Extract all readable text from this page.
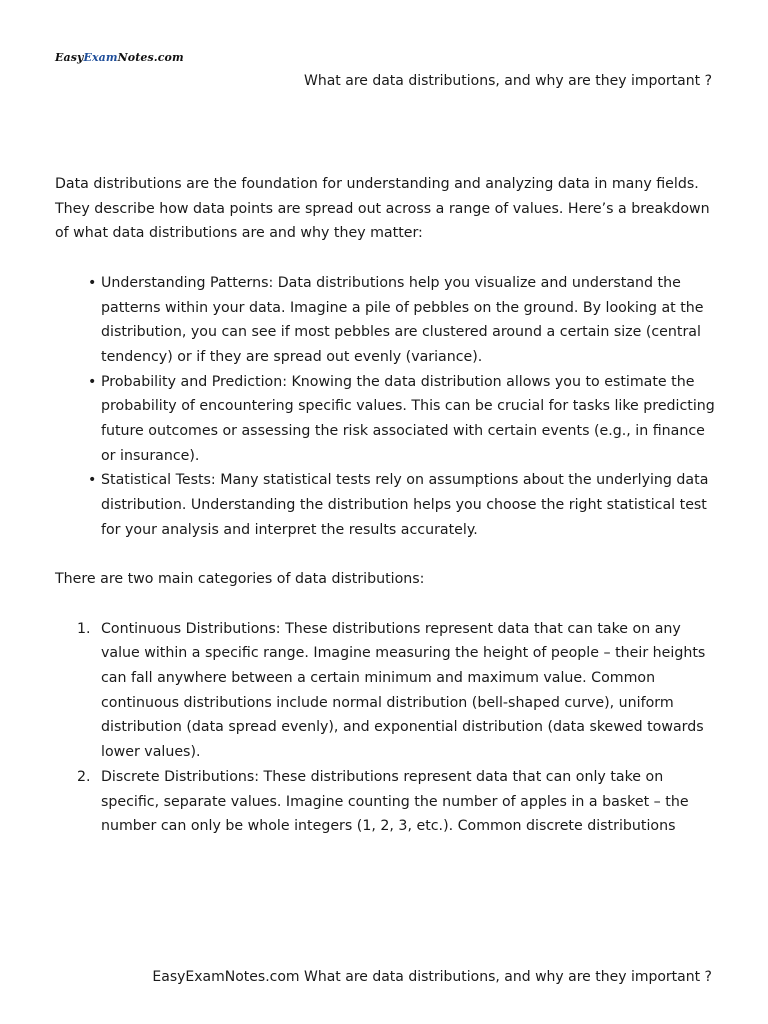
EasyExamNotes.com
What are data distributions, and why are they important ?

Data distributions are the foundation for understanding and analyzing data in many fields. They describe how data points are spread out across a range of values. Here’s a breakdown of what data distributions are and why they matter:

• Understanding Patterns: Data distributions help you visualize and understand the patterns within your data. Imagine a pile of pebbles on the ground. By looking at the distribution, you can see if most pebbles are clustered around a certain size (central tendency) or if they are spread out evenly (variance).
• Probability and Prediction: Knowing the data distribution allows you to estimate the probability of encountering specific values. This can be crucial for tasks like predicting future outcomes or assessing the risk associated with certain events (e.g., in finance or insurance).
• Statistical Tests: Many statistical tests rely on assumptions about the underlying data distribution. Understanding the distribution helps you choose the right statistical test for your analysis and interpret the results accurately.

There are two main categories of data distributions:

1. Continuous Distributions: These distributions represent data that can take on any value within a specific range. Imagine measuring the height of people – their heights can fall anywhere between a certain minimum and maximum value. Common continuous distributions include normal distribution (bell-shaped curve), uniform distribution (data spread evenly), and exponential distribution (data skewed towards lower values).
2. Discrete Distributions: These distributions represent data that can only take on specific, separate values. Imagine counting the number of apples in a basket – the number can only be whole integers (1, 2, 3, etc.). Common discrete distributions
EasyExamNotes.com What are data distributions, and why are they important ?
